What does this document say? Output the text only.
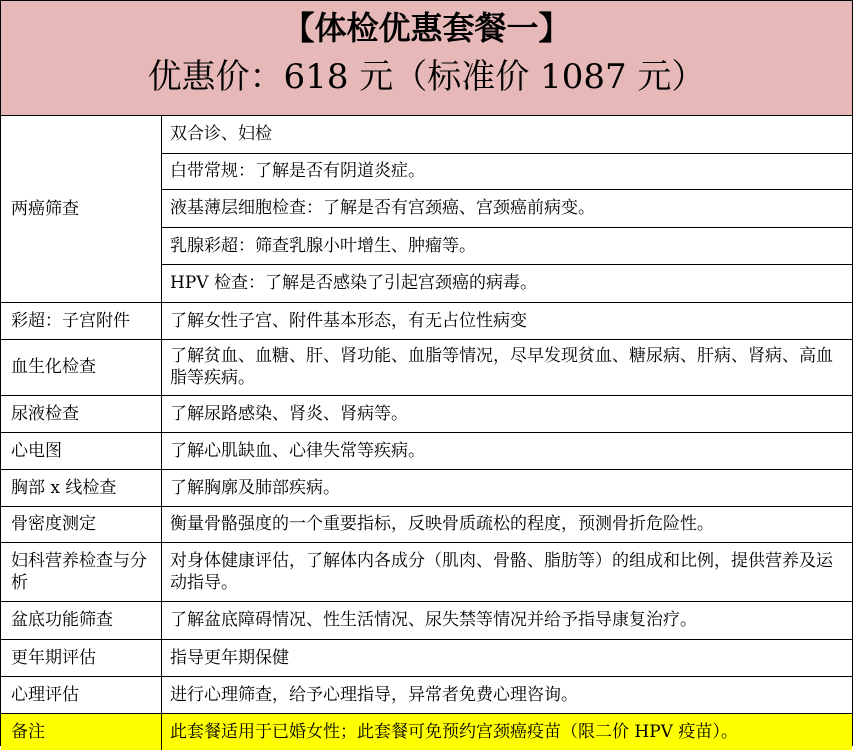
【体检优惠套餐一】
优惠价：618 元（标准价 1087 元）
两癌筛查	双合诊、妇检
	白带常规：了解是否有阴道炎症。
	液基薄层细胞检查：了解是否有宫颈癌、宫颈癌前病变。
	乳腺彩超：筛查乳腺小叶增生、肿瘤等。
	HPV 检查：了解是否感染了引起宫颈癌的病毒。
彩超：子宫附件	了解女性子宫、附件基本形态，有无占位性病变
血生化检查	了解贫血、血糖、肝、肾功能、血脂等情况，尽早发现贫血、糖尿病、肝病、肾病、高血脂等疾病。
尿液检查	了解尿路感染、肾炎、肾病等。
心电图	了解心肌缺血、心律失常等疾病。
胸部 x 线检查	了解胸廓及肺部疾病。
骨密度测定	衡量骨骼强度的一个重要指标，反映骨质疏松的程度，预测骨折危险性。
妇科营养检查与分析	对身体健康评估，了解体内各成分（肌肉、骨骼、脂肪等）的组成和比例，提供营养及运动指导。
盆底功能筛查	了解盆底障碍情况、性生活情况、尿失禁等情况并给予指导康复治疗。
更年期评估	指导更年期保健
心理评估	进行心理筛查，给予心理指导，异常者免费心理咨询。
备注	此套餐适用于已婚女性；此套餐可免预约宫颈癌疫苗（限二价 HPV 疫苗）。
